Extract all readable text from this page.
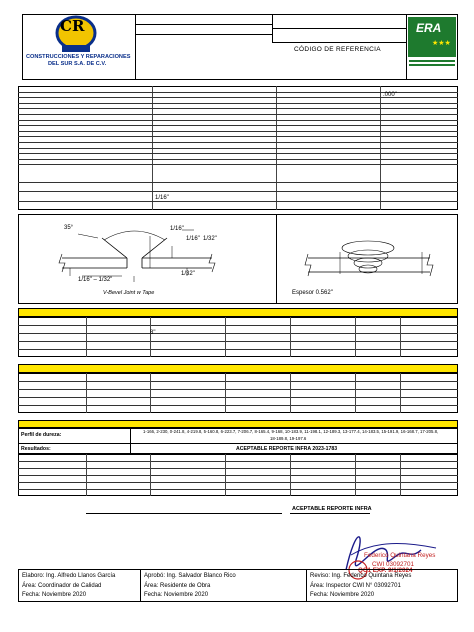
CR
CONSTRUCCIONES Y REPARACIONES
DEL SUR S.A. DE C.V.
CÓDIGO DE REFERENCIA
ERA
★★★
.000"
1/16"
35°	1/16"
1/16" 1/32"
1/32"
1/16" – 1/32"
V-Bevel Joint w Tape	Espesor 0.562"
8"
Perfil de dureza:
1-166, 2-230, 0-241.8, 4-219.8, 5-160.8, 6-223.7, 7-206.7, 8-165.4, 9-168, 10-183.9, 11-198.1, 12-189.3, 13-177.4, 14-183.5, 15-191.9, 16-168.7, 17-205.8,
18-189.8, 19-197.6
Resultados:	ACEPTABLE REPORTE INFRA 2023-1783
ACEPTABLE REPORTE INFRA
Federico Quintana Reyes
CWI 03092701
QC1 EXP. 9/1/2024
Elaboro: Ing. Alfredo Llanos García
Área: Coordinador de Calidad
Fecha: Noviembre 2020
Aprobó: Ing. Salvador Blanco Rico
Área: Residente de Obra
Fecha: Noviembre 2020
Reviso: Ing. Federico Quintana Reyes
Área: Inspector CWI N° 03092701
Fecha: Noviembre 2020
